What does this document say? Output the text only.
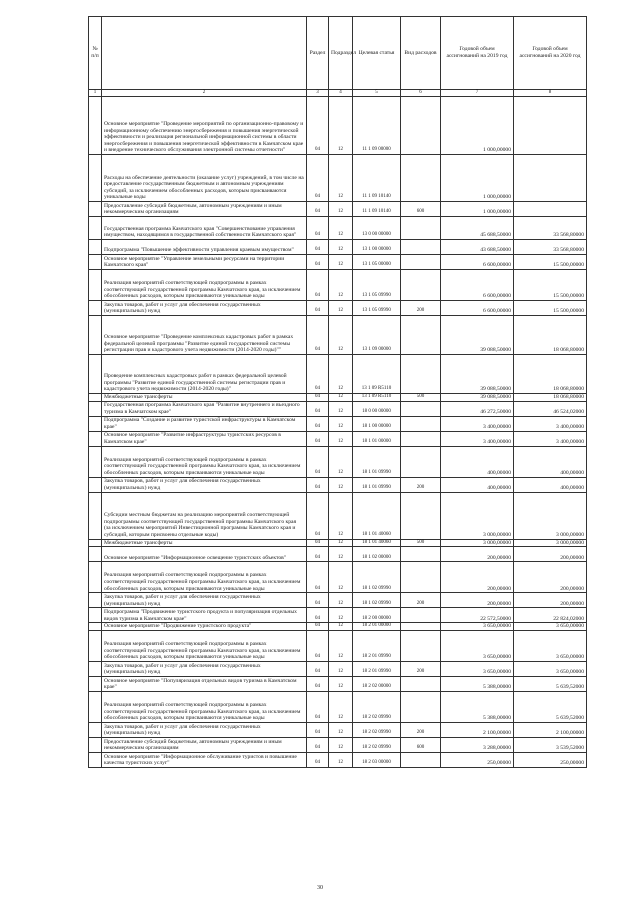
№ п/п		Раздел	Подраздел	Целевая статья	Вид расходов	Годовой объем ассигнований на 2019 год	Годовой объем ассигнований на 2020 год
1	2	3	4	5	6	7	8
	Основное мероприятие "Проведение мероприятий по организационно-правовому и информационному обеспечению энергосбережения и повышения энергетической эффективности и реализация региональной информационной системы в области энергосбережения и повышения энергетической эффективности в Камчатском крае и внедрение технического обслуживания электронной системы отчетности"	04	12	11 1 09 00000		1 000,00000	
	Расходы на обеспечение деятельности (оказание услуг) учреждений, в том числе на предоставление государственным бюджетным и автономным учреждениям субсидий, за исключением обособленных расходов, которым присваиваются уникальные коды	04	12	11 1 09 10140		1 000,00000	
	Предоставление субсидий бюджетным, автономным учреждениям и иным некоммерческим организациям	04	12	11 1 09 10140	600	1 000,00000	
	Государственная программа Камчатского края "Совершенствование управления имуществом, находящимся в государственной собственности Камчатского края"	04	12	13 0 00 00000		45 688,50000	33 568,80000
	Подпрограмма "Повышение эффективности управления краевым имуществом"	04	12	13 1 00 00000		43 688,50000	33 568,80000
	Основное мероприятие "Управление земельными ресурсами на территории Камчатского края"	04	12	13 1 05 00000		6 600,00000	15 500,00000
	Реализация мероприятий соответствующей подпрограммы в рамках соответствующей государственной программы Камчатского края, за исключением обособленных расходов, которым присваиваются уникальные коды	04	12	13 1 05 09990		6 600,00000	15 500,00000
	Закупка товаров, работ и услуг для обеспечения государственных (муниципальных) нужд	04	12	13 1 05 09990	200	6 600,00000	15 500,00000
	Основное мероприятие "Проведение комплексных кадастровых работ в рамках федеральной целевой программы "Развитие единой государственной системы регистрации прав и кадастрового учета недвижимости (2014-2020 годы)""	04	12	13 1 09 00000		39 088,50000	18 068,80000
	Проведение комплексных кадастровых работ в рамках федеральной целевой программы "Развитие единой государственной системы регистрации прав и кадастрового учета недвижимости (2014-2020 годы)"	04	12	13 1 09 R5110		39 088,50000	18 068,80000
	Межбюджетные трансферты	04	12	13 1 09 R5110	500	39 088,50000	18 068,80000
	Государственная программа Камчатского края "Развитие внутреннего и въездного туризма в Камчатском крае"	04	12	18 0 00 00000		46 272,50000	46 524,02000
	Подпрограмма "Создание и развитие туристской инфраструктуры в Камчатском крае"	04	12	18 1 00 00000		3 400,00000	3 400,00000
	Основное мероприятие "Развитие инфраструктуры туристских ресурсов в Камчатском крае"	04	12	18 1 01 00000		3 400,00000	3 400,00000
	Реализация мероприятий соответствующей подпрограммы в рамках соответствующей государственной программы Камчатского края, за исключением обособленных расходов, которым присваиваются уникальные коды	04	12	18 1 01 09990		400,00000	400,00000
	Закупка товаров, работ и услуг для обеспечения государственных (муниципальных) нужд	04	12	18 1 01 09990	200	400,00000	400,00000
	Субсидии местным бюджетам на реализацию мероприятий соответствующей подпрограммы соответствующей государственной программы Камчатского края (за исключением мероприятий Инвестиционной программы Камчатского края и субсидий, которым присвоены отдельные коды)	04	12	18 1 01 40060		3 000,00000	3 000,00000
	Межбюджетные трансферты	04	12	18 1 01 40060	500	3 000,00000	3 000,00000
	Основное мероприятие "Информационное освещение туристских объектов"	04	12	18 1 02 00000		200,00000	200,00000
	Реализация мероприятий соответствующей подпрограммы в рамках соответствующей государственной программы Камчатского края, за исключением обособленных расходов, которым присваиваются уникальные коды	04	12	18 1 02 09990		200,00000	200,00000
	Закупка товаров, работ и услуг для обеспечения государственных (муниципальных) нужд	04	12	18 1 02 09990	200	200,00000	200,00000
	Подпрограмма "Продвижение туристского продукта и популяризация отдельных видов туризма в Камчатском крае"	04	12	18 2 00 00000		22 572,50000	22 824,02000
	Основное мероприятие "Продвижение туристского продукта"	04	12	18 2 01 00000		3 650,00000	3 650,00000
	Реализация мероприятий соответствующей подпрограммы в рамках соответствующей государственной программы Камчатского края, за исключением обособленных расходов, которым присваиваются уникальные коды	04	12	18 2 01 09990		3 650,00000	3 650,00000
	Закупка товаров, работ и услуг для обеспечения государственных (муниципальных) нужд	04	12	18 2 01 09990	200	3 650,00000	3 650,00000
	Основное мероприятие "Популяризация отдельных видов туризма в Камчатском крае"	04	12	18 2 02 00000		5 388,00000	5 639,52000
	Реализация мероприятий соответствующей подпрограммы в рамках соответствующей государственной программы Камчатского края, за исключением обособленных расходов, которым присваиваются уникальные коды	04	12	18 2 02 09990		5 388,00000	5 639,52000
	Закупка товаров, работ и услуг для обеспечения государственных (муниципальных) нужд	04	12	18 2 02 09990	200	2 100,00000	2 100,00000
	Предоставление субсидий бюджетным, автономным учреждениям и иным некоммерческим организациям	04	12	18 2 02 09990	600	3 288,00000	3 539,52000
	Основное мероприятие "Информационное обслуживание туристов и повышение качества туристских услуг"	04	12	18 2 03 00000		250,00000	250,00000
30
